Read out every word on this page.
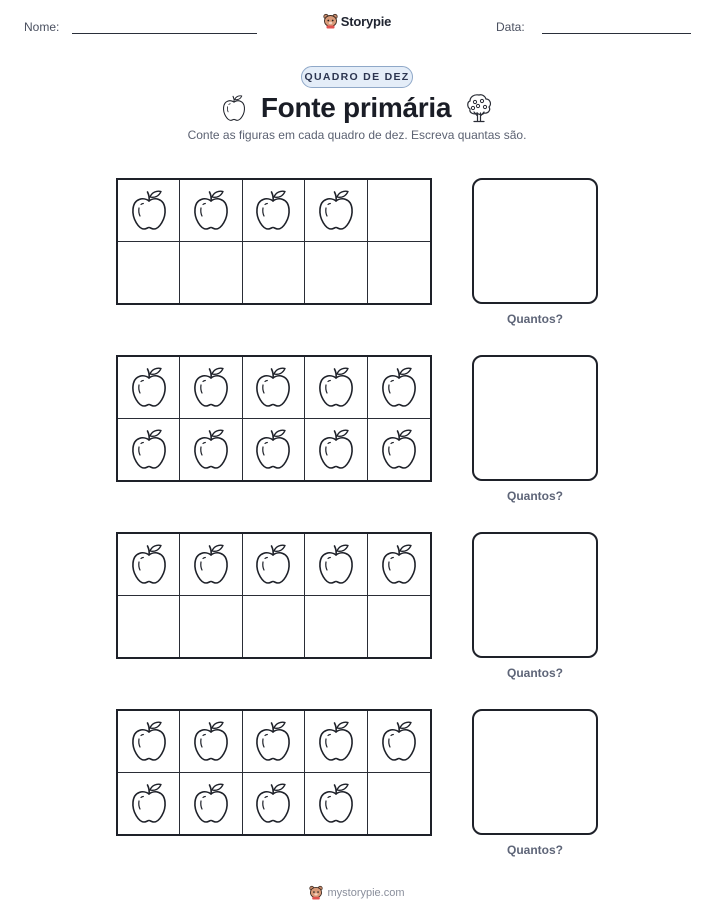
Nome:	Storypie	Data:
QUADRO DE DEZ
Fonte primária

Conte as figuras em cada quadro de dez. Escreva quantas são.

Quantos?
Quantos?
Quantos?
Quantos?
mystorypie.com
